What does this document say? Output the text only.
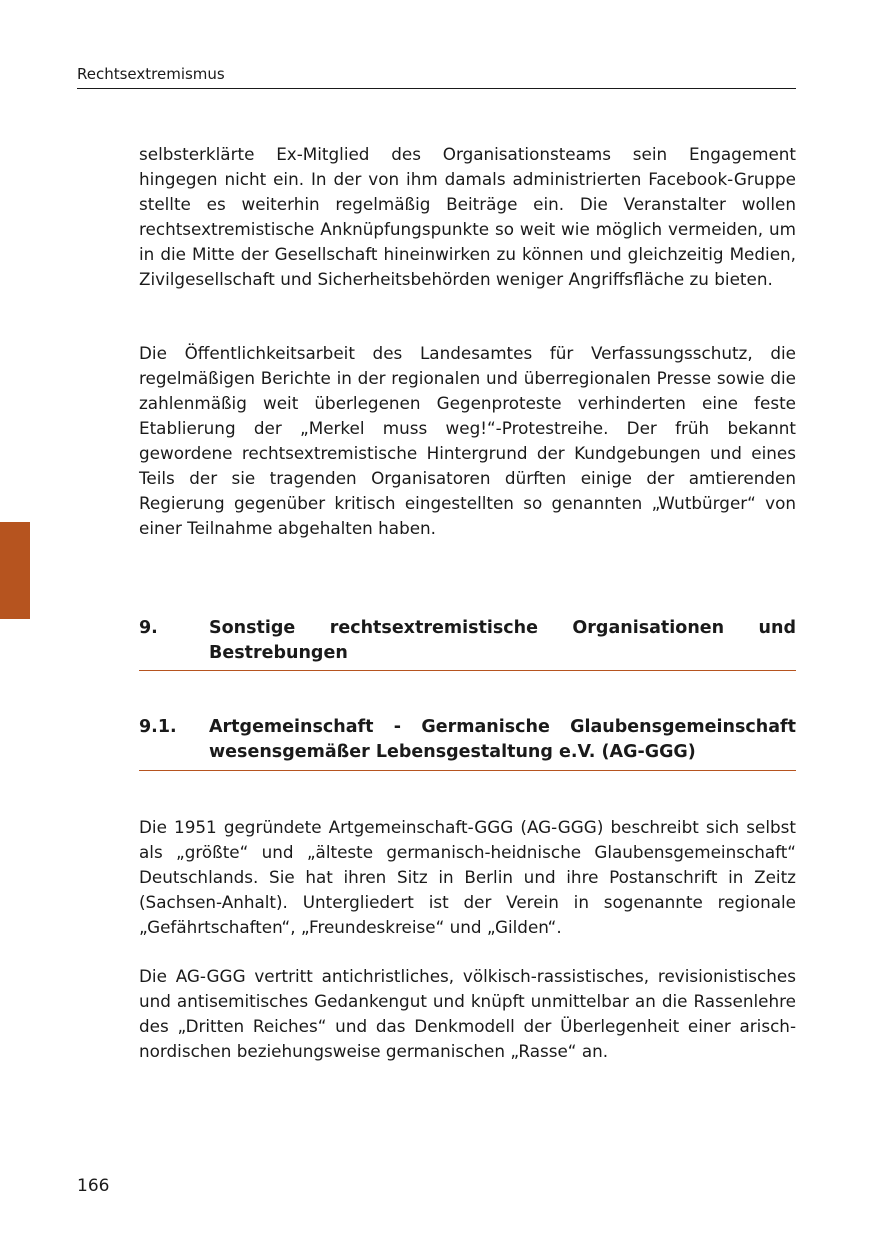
Rechtsextremismus

selbsterklärte Ex-Mitglied des Organisationsteams sein Engagement hingegen nicht ein. In der von ihm damals administrierten Facebook-Gruppe stellte es weiterhin regelmäßig Beiträge ein. Die Veranstalter wollen rechtsextremistische Anknüpfungspunkte so weit wie möglich vermeiden, um in die Mitte der Gesellschaft hineinwirken zu können und gleichzeitig Medien, Zivilgesellschaft und Sicherheitsbehörden weniger Angriffsfläche zu bieten.

Die Öffentlichkeitsarbeit des Landesamtes für Verfassungsschutz, die regelmäßigen Berichte in der regionalen und überregionalen Presse sowie die zahlenmäßig weit überlegenen Gegenproteste verhinderten eine feste Etablierung der „Merkel muss weg!“-Protestreihe. Der früh bekannt gewordene rechtsextremistische Hintergrund der Kundgebungen und eines Teils der sie tragenden Organisatoren dürften einige der amtierenden Regierung gegenüber kritisch eingestellten so genannten „Wutbürger“ von einer Teilnahme abgehalten haben.

9.	Sonstige rechtsextremistische Organisationen und Bestrebungen
9.1.	Artgemeinschaft - Germanische Glaubensgemeinschaft wesensgemäßer Lebensgestaltung e.V. (AG-GGG)

Die 1951 gegründete Artgemeinschaft-GGG (AG-GGG) beschreibt sich selbst als „größte“ und „älteste germanisch-heidnische Glaubensgemeinschaft“ Deutschlands. Sie hat ihren Sitz in Berlin und ihre Postanschrift in Zeitz (Sachsen-Anhalt). Untergliedert ist der Verein in sogenannte regionale „Gefährtschaften“, „Freundeskreise“ und „Gilden“.

Die AG-GGG vertritt antichristliches, völkisch-rassistisches, revisionistisches und antisemitisches Gedankengut und knüpft unmittelbar an die Rassenlehre des „Dritten Reiches“ und das Denkmodell der Überlegenheit einer arisch-nordischen beziehungsweise germanischen „Rasse“ an.

166
